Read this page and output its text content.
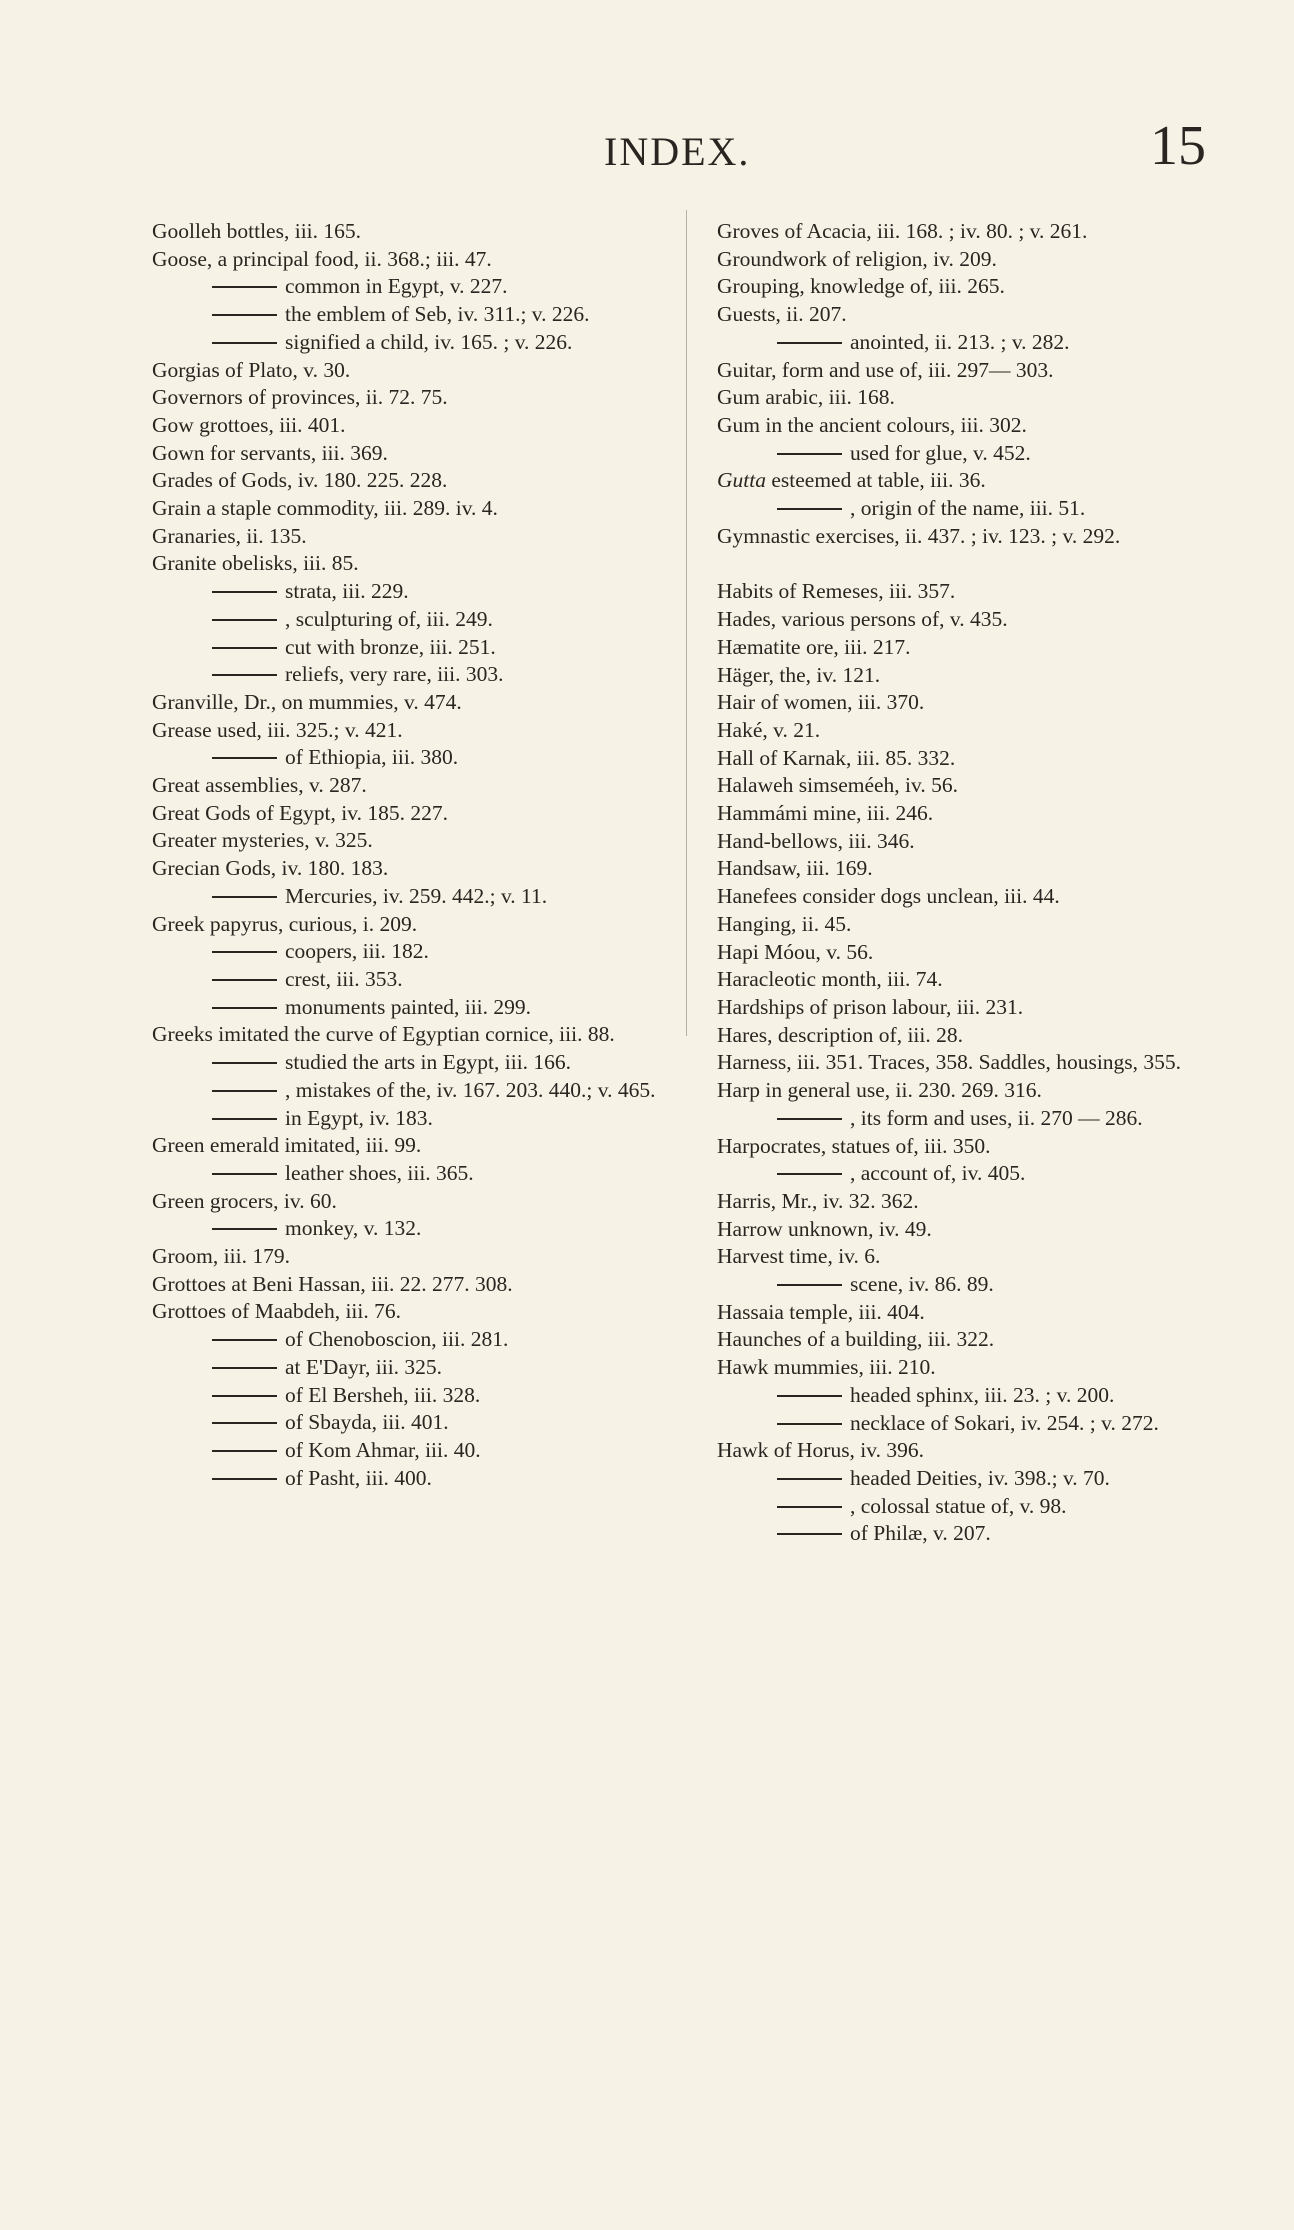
INDEX.	15
Goolleh bottles, iii. 165.
Goose, a principal food, ii. 368.; iii. 47.
common in Egypt, v. 227.
the emblem of Seb, iv. 311.; v. 226.
signified a child, iv. 165. ; v. 226.
Gorgias of Plato, v. 30.
Governors of provinces, ii. 72. 75.
Gow grottoes, iii. 401.
Gown for servants, iii. 369.
Grades of Gods, iv. 180. 225. 228.
Grain a staple commodity, iii. 289. iv. 4.
Granaries, ii. 135.
Granite obelisks, iii. 85.
strata, iii. 229.
, sculpturing of, iii. 249.
cut with bronze, iii. 251.
reliefs, very rare, iii. 303.
Granville, Dr., on mummies, v. 474.
Grease used, iii. 325.; v. 421.
of Ethiopia, iii. 380.
Great assemblies, v. 287.
Great Gods of Egypt, iv. 185. 227.
Greater mysteries, v. 325.
Grecian Gods, iv. 180. 183.
Mercuries, iv. 259. 442.; v. 11.
Greek papyrus, curious, i. 209.
coopers, iii. 182.
crest, iii. 353.
monuments painted, iii. 299.
Greeks imitated the curve of Egyptian cornice, iii. 88.
studied the arts in Egypt, iii. 166.
, mistakes of the, iv. 167. 203. 440.; v. 465.
in Egypt, iv. 183.
Green emerald imitated, iii. 99.
leather shoes, iii. 365.
Green grocers, iv. 60.
monkey, v. 132.
Groom, iii. 179.
Grottoes at Beni Hassan, iii. 22. 277. 308.
Grottoes of Maabdeh, iii. 76.
of Chenoboscion, iii. 281.
at E'Dayr, iii. 325.
of El Bersheh, iii. 328.
of Sbayda, iii. 401.
of Kom Ahmar, iii. 40.
of Pasht, iii. 400.
Groves of Acacia, iii. 168. ; iv. 80. ; v. 261.
Groundwork of religion, iv. 209.
Grouping, knowledge of, iii. 265.
Guests, ii. 207.
anointed, ii. 213. ; v. 282.
Guitar, form and use of, iii. 297— 303.
Gum arabic, iii. 168.
Gum in the ancient colours, iii. 302.
used for glue, v. 452.
Gutta esteemed at table, iii. 36.
, origin of the name, iii. 51.
Gymnastic exercises, ii. 437. ; iv. 123. ; v. 292.
Habits of Remeses, iii. 357.
Hades, various persons of, v. 435.
Hæmatite ore, iii. 217.
Häger, the, iv. 121.
Hair of women, iii. 370.
Haké, v. 21.
Hall of Karnak, iii. 85. 332.
Halaweh simseméeh, iv. 56.
Hammámi mine, iii. 246.
Hand-bellows, iii. 346.
Handsaw, iii. 169.
Hanefees consider dogs unclean, iii. 44.
Hanging, ii. 45.
Hapi Móou, v. 56.
Haracleotic month, iii. 74.
Hardships of prison labour, iii. 231.
Hares, description of, iii. 28.
Harness, iii. 351. Traces, 358. Saddles, housings, 355.
Harp in general use, ii. 230. 269. 316.
, its form and uses, ii. 270 — 286.
Harpocrates, statues of, iii. 350.
, account of, iv. 405.
Harris, Mr., iv. 32. 362.
Harrow unknown, iv. 49.
Harvest time, iv. 6.
scene, iv. 86. 89.
Hassaia temple, iii. 404.
Haunches of a building, iii. 322.
Hawk mummies, iii. 210.
headed sphinx, iii. 23. ; v. 200.
necklace of Sokari, iv. 254. ; v. 272.
Hawk of Horus, iv. 396.
headed Deities, iv. 398.; v. 70.
, colossal statue of, v. 98.
of Philæ, v. 207.
